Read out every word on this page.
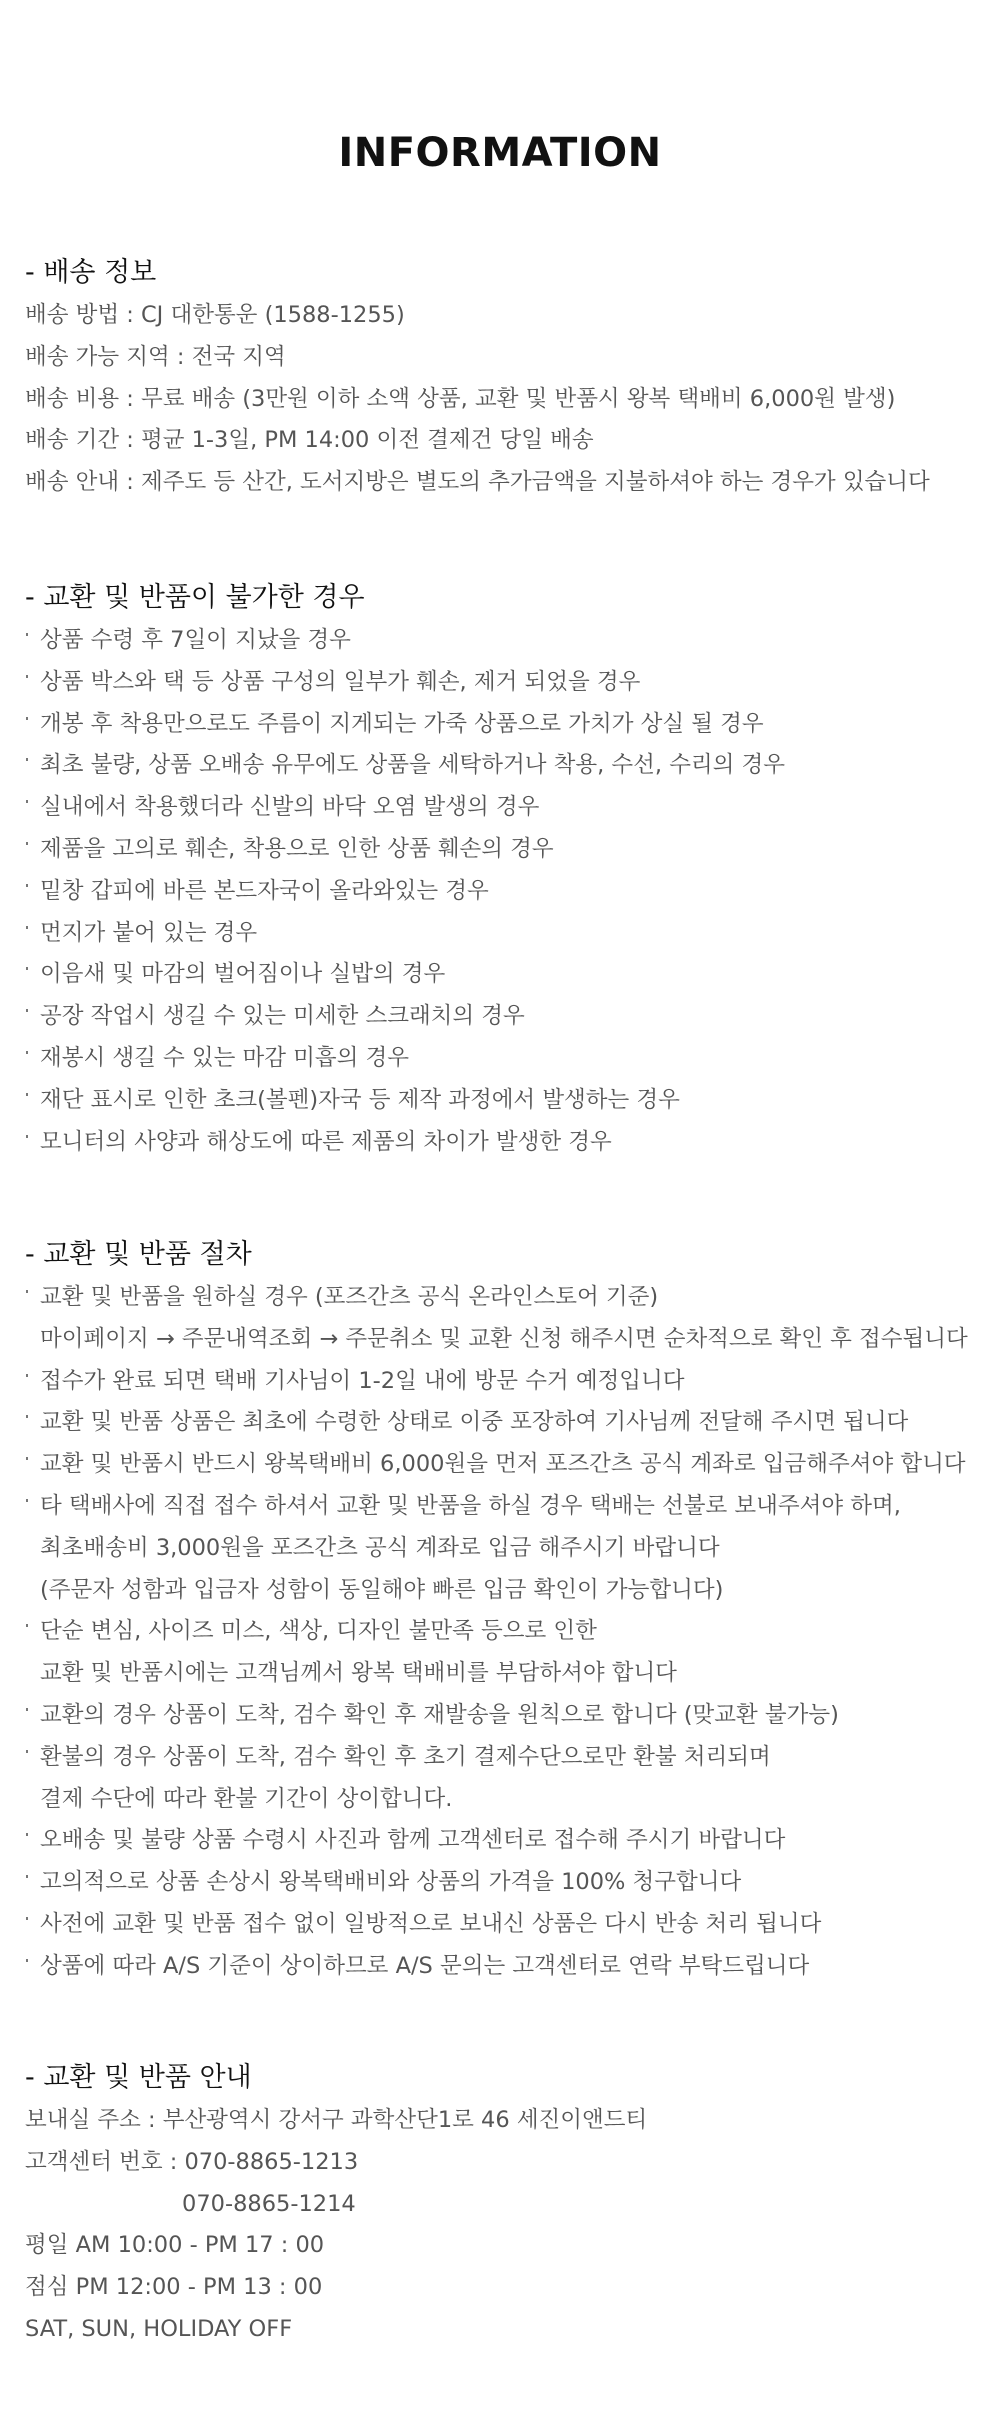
INFORMATION
- 배송 정보
배송 방법 : CJ 대한통운 (1588-1255)
배송 가능 지역 : 전국 지역
배송 비용 : 무료 배송 (3만원 이하 소액 상품, 교환 및 반품시 왕복 택배비 6,000원 발생)
배송 기간 : 평균 1-3일, PM 14:00 이전 결제건 당일 배송
배송 안내 : 제주도 등 산간, 도서지방은 별도의 추가금액을 지불하셔야 하는 경우가 있습니다
- 교환 및 반품이 불가한 경우
상품 수령 후 7일이 지났을 경우
상품 박스와 택 등 상품 구성의 일부가 훼손, 제거 되었을 경우
개봉 후 착용만으로도 주름이 지게되는 가죽 상품으로 가치가 상실 될 경우
최초 불량, 상품 오배송 유무에도 상품을 세탁하거나 착용, 수선, 수리의 경우
실내에서 착용했더라 신발의 바닥 오염 발생의 경우
제품을 고의로 훼손, 착용으로 인한 상품 훼손의 경우
밑창 갑피에 바른 본드자국이 올라와있는 경우
먼지가 붙어 있는 경우
이음새 및 마감의 벌어짐이나 실밥의 경우
공장 작업시 생길 수 있는 미세한 스크래치의 경우
재봉시 생길 수 있는 마감 미흡의 경우
재단 표시로 인한 초크(볼펜)자국 등 제작 과정에서 발생하는 경우
모니터의 사양과 해상도에 따른 제품의 차이가 발생한 경우
- 교환 및 반품 절차
교환 및 반품을 원하실 경우 (포즈간츠 공식 온라인스토어 기준)
마이페이지 → 주문내역조회 → 주문취소 및 교환 신청 해주시면 순차적으로 확인 후 접수됩니다
접수가 완료 되면 택배 기사님이 1-2일 내에 방문 수거 예정입니다
교환 및 반품 상품은 최초에 수령한 상태로 이중 포장하여 기사님께 전달해 주시면 됩니다
교환 및 반품시 반드시 왕복택배비 6,000원을 먼저 포즈간츠 공식 계좌로 입금해주셔야 합니다
타 택배사에 직접 접수 하셔서 교환 및 반품을 하실 경우 택배는 선불로 보내주셔야 하며,
최초배송비 3,000원을 포즈간츠 공식 계좌로 입금 해주시기 바랍니다
(주문자 성함과 입금자 성함이 동일해야 빠른 입금 확인이 가능합니다)
단순 변심, 사이즈 미스, 색상, 디자인 불만족 등으로 인한
교환 및 반품시에는 고객님께서 왕복 택배비를 부담하셔야 합니다
교환의 경우 상품이 도착, 검수 확인 후 재발송을 원칙으로 합니다 (맞교환 불가능)
환불의 경우 상품이 도착, 검수 확인 후 초기 결제수단으로만 환불 처리되며
결제 수단에 따라 환불 기간이 상이합니다.
오배송 및 불량 상품 수령시 사진과 함께 고객센터로 접수해 주시기 바랍니다
고의적으로 상품 손상시 왕복택배비와 상품의 가격을 100% 청구합니다
사전에 교환 및 반품 접수 없이 일방적으로 보내신 상품은 다시 반송 처리 됩니다
상품에 따라 A/S 기준이 상이하므로 A/S 문의는 고객센터로 연락 부탁드립니다
- 교환 및 반품 안내
보내실 주소 : 부산광역시 강서구 과학산단1로 46 세진이앤드티
고객센터 번호 : 070-8865-1213
070-8865-1214
평일 AM 10:00 - PM 17 : 00
점심 PM 12:00 - PM 13 : 00
SAT, SUN, HOLIDAY OFF
